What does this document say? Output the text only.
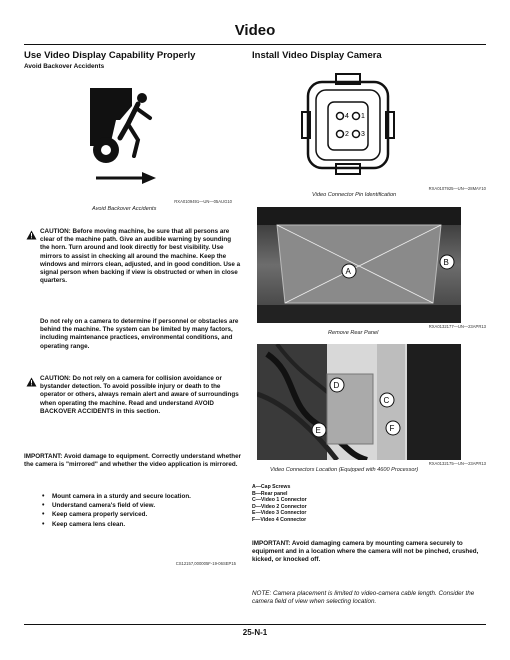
Video
Use Video Display Capability Properly
Avoid Backover Accidents
RXA0109491—UN—05AUG10
Avoid Backover Accidents
CAUTION: Before moving machine, be sure that all persons are clear of the machine path. Give an audible warning by sounding the horn. Turn around and look directly for best visibility. Use mirrors to assist in checking all around the machine. Keep the windows and mirrors clean, adjusted, and in good condition. Use a signal person when backing if view is obstructed or when in close quarters.
Do not rely on a camera to determine if personnel or obstacles are behind the machine. The system can be limited by many factors, including maintenance practices, environmental conditions, and operating range.
CAUTION: Do not rely on a camera for collision avoidance or bystander detection. To avoid possible injury or death to the operator or others, always remain alert and aware of surroundings when operating the machine. Read and understand AVOID BACKOVER ACCIDENTS in this section.
IMPORTANT: Avoid damage to equipment. Correctly understand whether the camera is "mirrored" and whether the video application is mirrored.
• Mount camera in a sturdy and secure location.
• Understand camera's field of view.
• Keep camera properly serviced.
• Keep camera lens clean.
CS12157,000005F-19-06SEP15
Install Video Display Camera
4 1
2 3
RXA0107925—UN—28MAY10
Video Connector Pin Identification
A
B
RXA0132177—UN—23APR13
Remove Rear Panel
D
C
E	F
RXA0132175—UN—23APR13
Video Connectors Location (Equipped with 4600 Processor)
A—Cap Screws
B—Rear panel
C—Video 1 Connector
D—Video 2 Connector
E—Video 3 Connector
F—Video 4 Connector
IMPORTANT: Avoid damaging camera by mounting camera securely to equipment and in a location where the camera will not be pinched, crushed, kicked, or knocked off.
NOTE: Camera placement is limited to video-camera cable length. Consider the camera field of view when selecting location.
25-N-1
